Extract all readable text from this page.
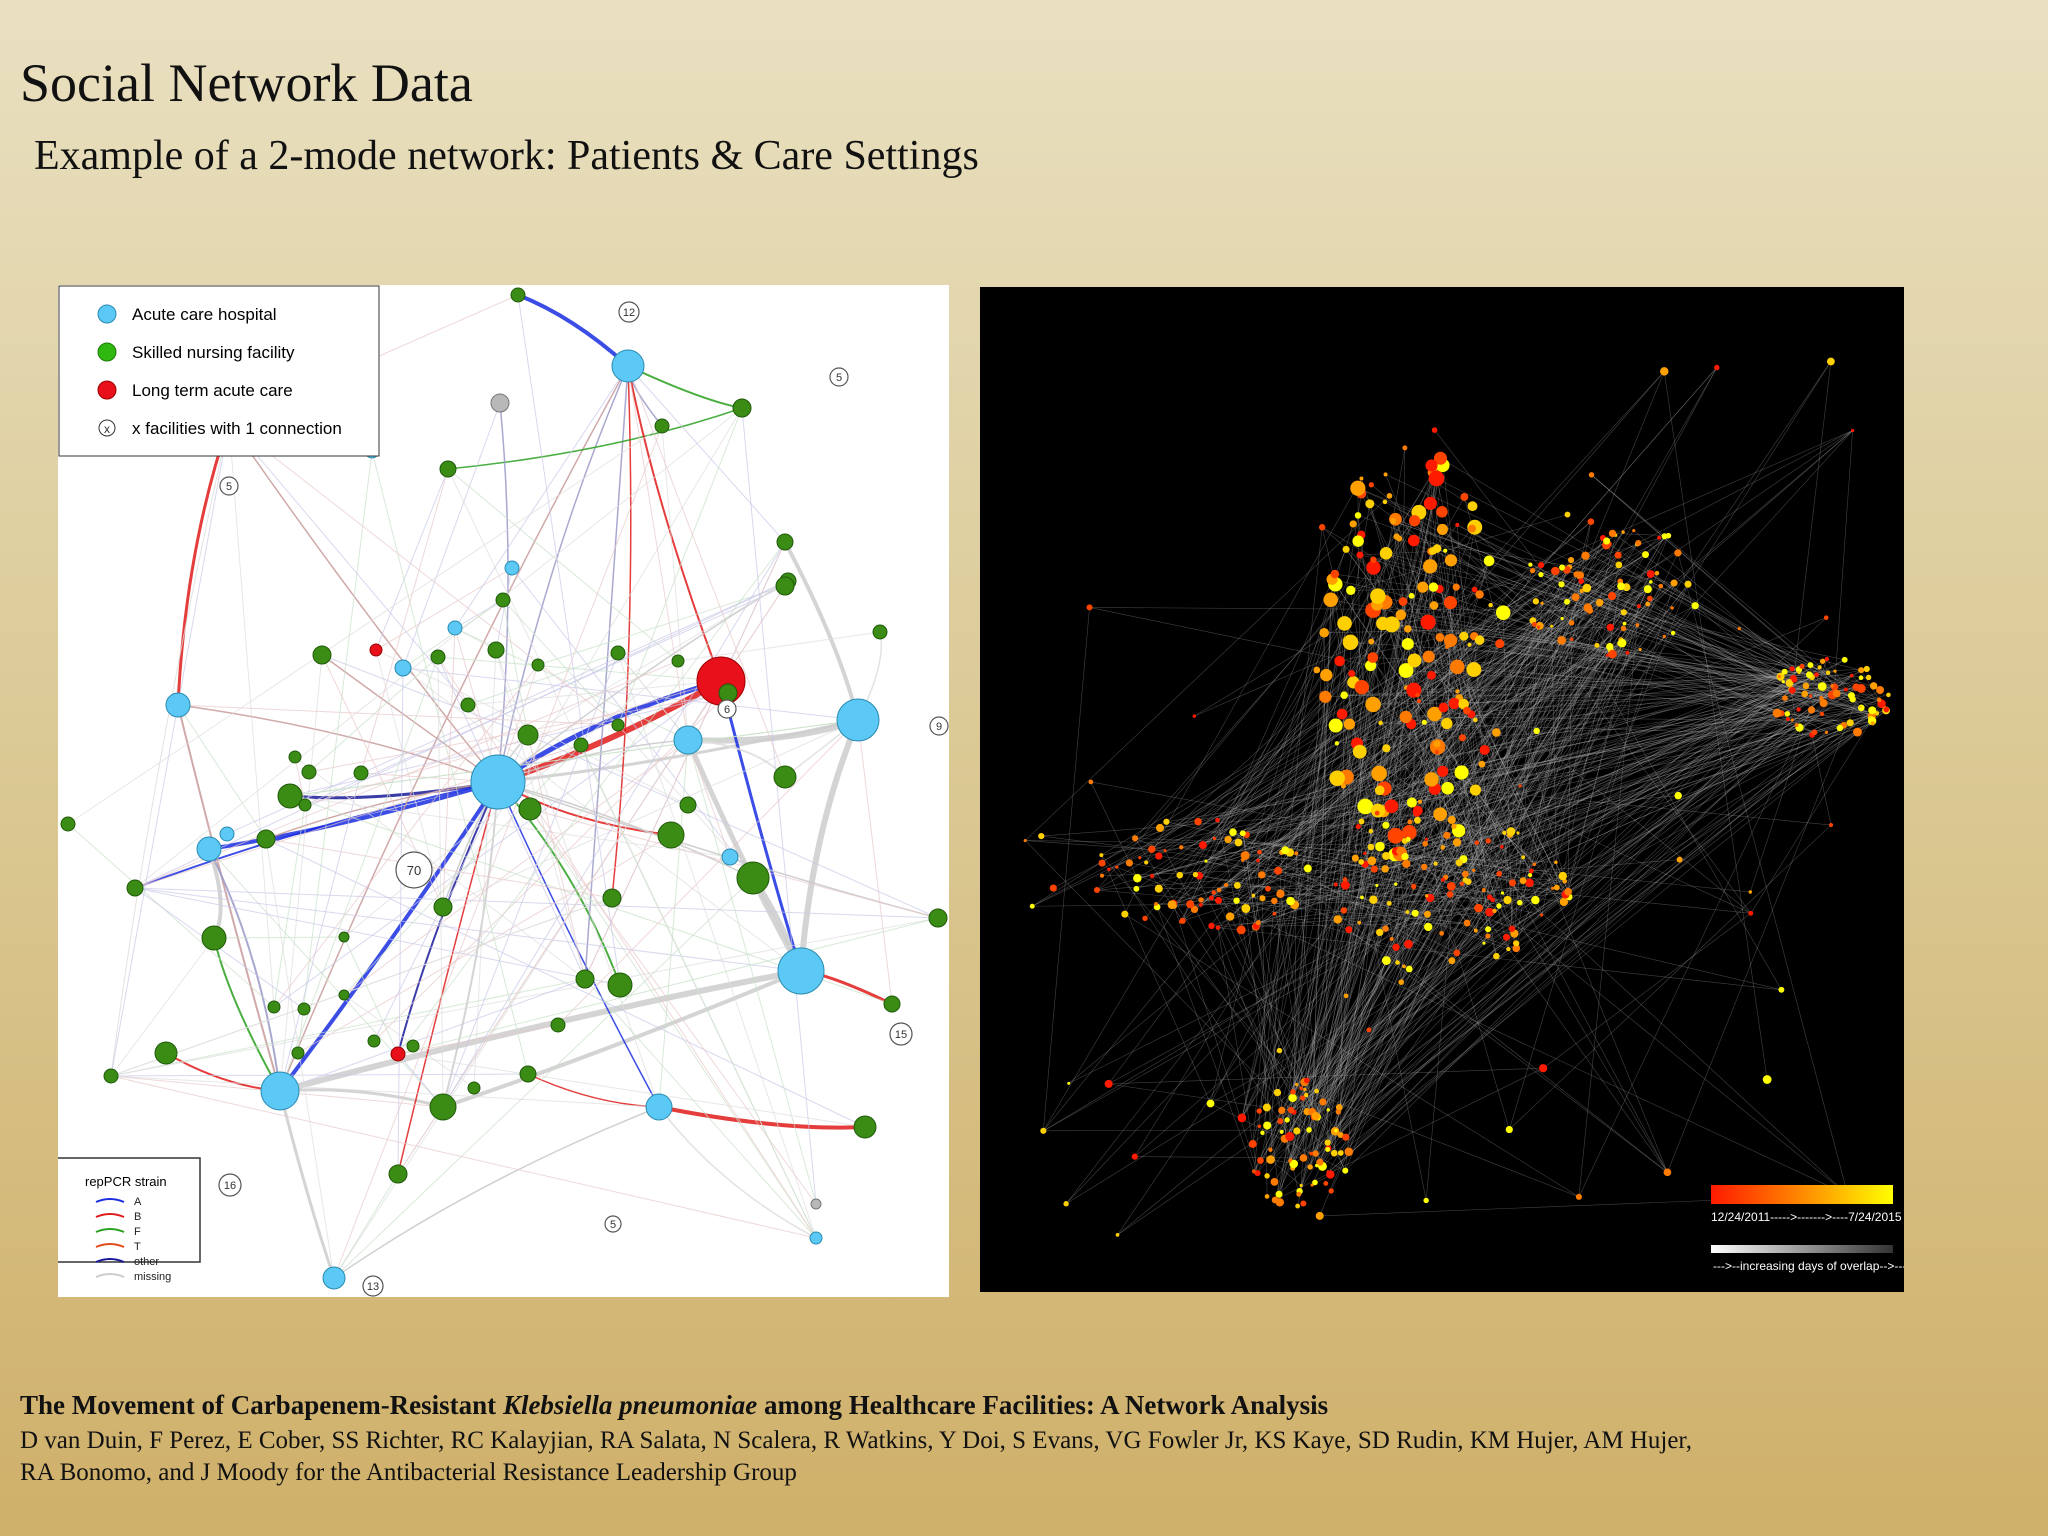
Social Network Data
Example of a 2-mode network: Patients & Care Settings
12
5
5
6
9
70
15
16
5
13
Acute care hospital
Skilled nursing facility
Long term acute care
x x facilities with 1 connection
repPCR strain
A
B
F
T
other
missing
12/24/2011----->------->----7/24/2015
--->--increasing days of overlap-->---

The Movement of Carbapenem-Resistant Klebsiella pneumoniae among Healthcare Facilities: A Network Analysis

D van Duin, F Perez, E Cober, SS Richter, RC Kalayjian, RA Salata, N Scalera, R Watkins, Y Doi, S Evans, VG Fowler Jr, KS Kaye, SD Rudin, KM Hujer, AM Hujer,
RA Bonomo, and J Moody for the Antibacterial Resistance Leadership Group
